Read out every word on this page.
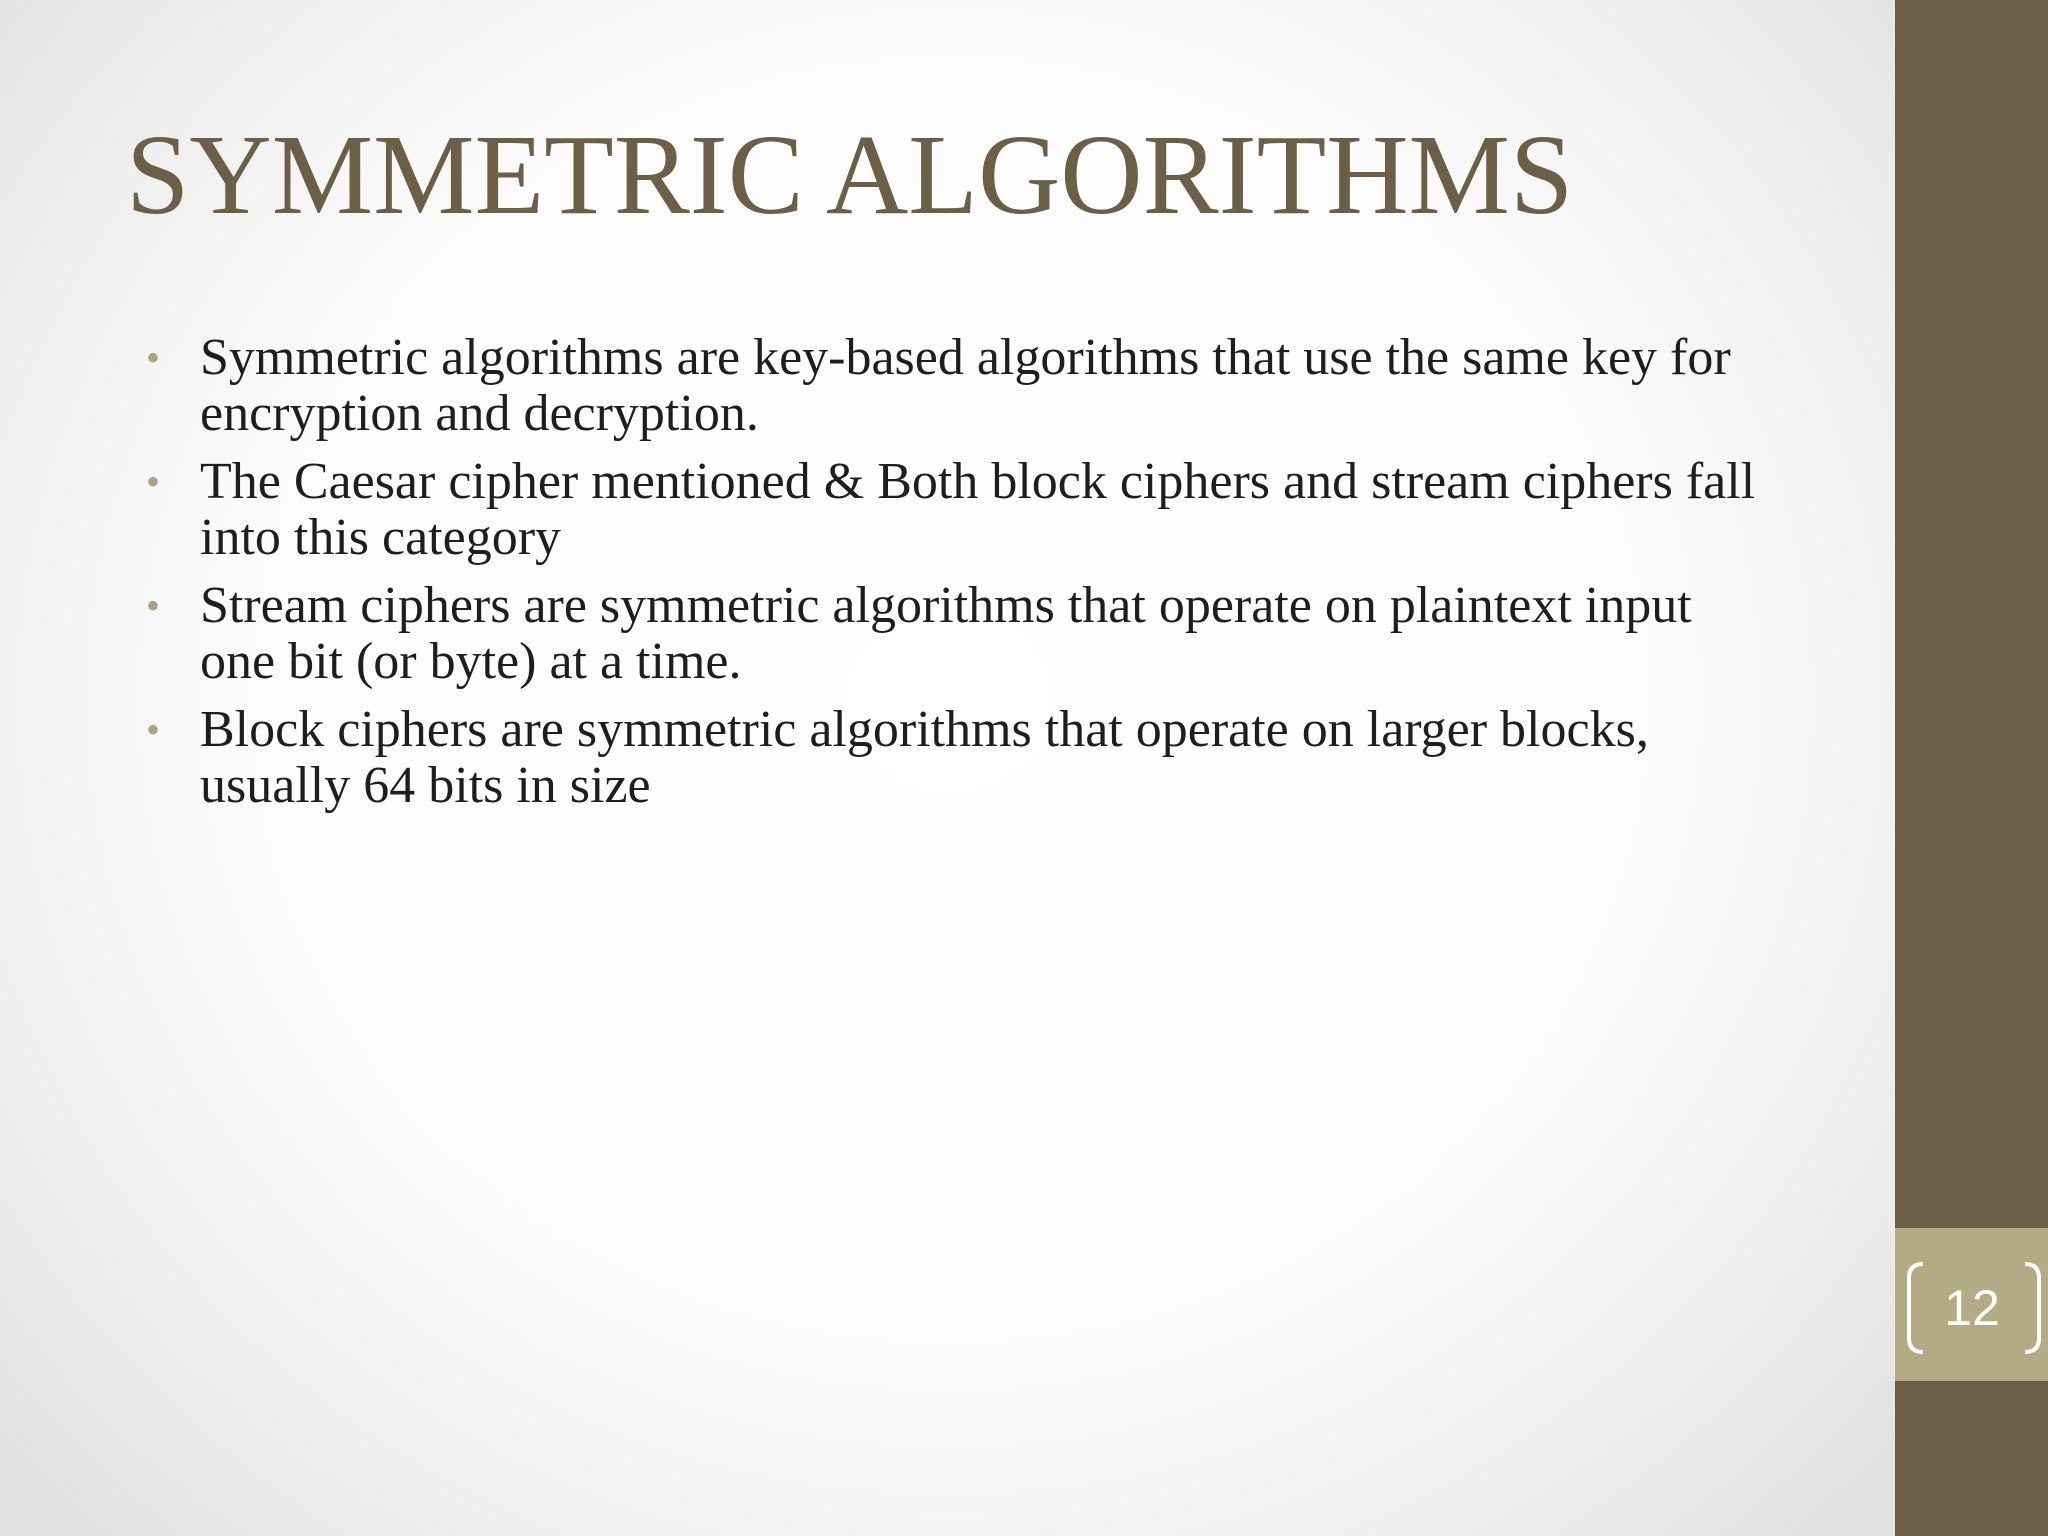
12
SYMMETRIC ALGORITHMS
• Symmetric algorithms are key-based algorithms that use the same key for encryption and decryption.
• The Caesar cipher mentioned & Both block ciphers and stream ciphers fall into this category
• Stream ciphers are symmetric algorithms that operate on plaintext input one bit (or byte) at a time.
• Block ciphers are symmetric algorithms that operate on larger blocks, usually 64 bits in size
